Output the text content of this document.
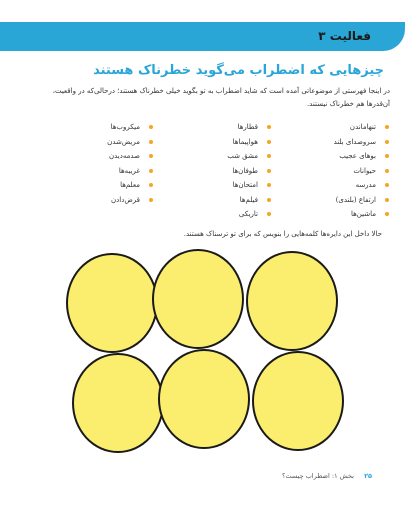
فعالیت ۳
چیزهایی که اضطراب می‌گوید خطرناک هستند

در اینجا فهرستی از موضوعاتی آمده است که شاید اضطراب به تو بگوید خیلی خطرناک هستند؛ درحالی‌که در واقعیت، آن‌قدرها هم خطرناک نیستند.

تنهاماندن
سروصدای بلند
بوهای عجیب
حیوانات
مدرسه
ارتفاع (بلندی)
ماشین‌ها
قطارها
هواپیماها
مشق شب
طوفان‌ها
امتحان‌ها
فیلم‌ها
تاریکی
میکروب‌ها
مریض‌شدن
صدمه‌دیدن
غریبه‌ها
معلم‌ها
قرض‌دادن

حالا داخل این دایره‌ها کلمه‌هایی را بنویس که برای تو ترسناک هستند.

۲۵ بخش ۱: اضطراب چیست؟
